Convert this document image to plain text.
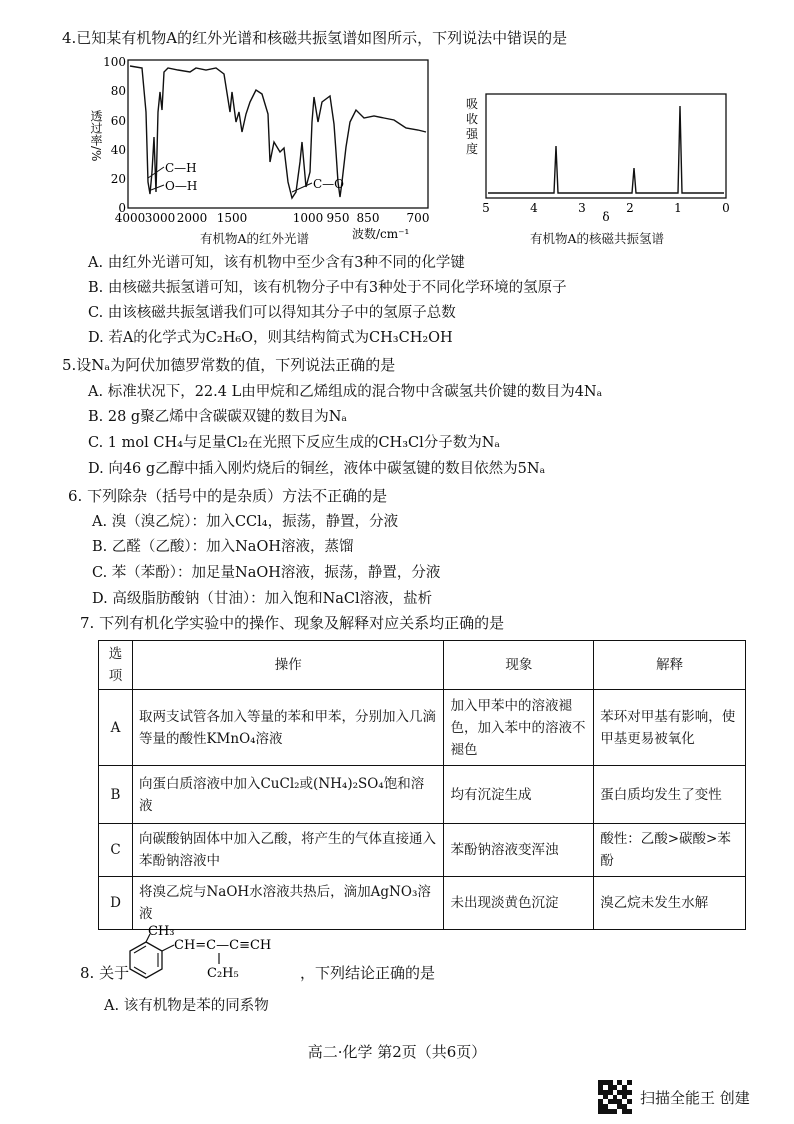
4.已知某有机物A的红外光谱和核磁共振氢谱如图所示，下列说法中错误的是
透过率/%
100
80
60
40
20
0
C—H
O—H	C—O
4000 3000 2000 1500	1000 950 850 700
波数/cm⁻¹
有机物A的红外光谱
吸
收
强
度
5	4	3	2	1	0
δ
有机物A的核磁共振氢谱
A. 由红外光谱可知，该有机物中至少含有3种不同的化学键
B. 由核磁共振氢谱可知，该有机物分子中有3种处于不同化学环境的氢原子
C. 由该核磁共振氢谱我们可以得知其分子中的氢原子总数
D. 若A的化学式为C₂H₆O，则其结构简式为CH₃CH₂OH
5.设Nₐ为阿伏加德罗常数的值，下列说法正确的是
A. 标准状况下，22.4 L由甲烷和乙烯组成的混合物中含碳氢共价键的数目为4Nₐ
B. 28 g聚乙烯中含碳碳双键的数目为Nₐ
C. 1 mol CH₄与足量Cl₂在光照下反应生成的CH₃Cl分子数为Nₐ
D. 向46 g乙醇中插入刚灼烧后的铜丝，液体中碳氢键的数目依然为5Nₐ
6. 下列除杂（括号中的是杂质）方法不正确的是
A. 溴（溴乙烷）：加入CCl₄，振荡，静置，分液
B. 乙醛（乙酸）：加入NaOH溶液，蒸馏
C. 苯（苯酚）：加足量NaOH溶液，振荡，静置，分液
D. 高级脂肪酸钠（甘油）：加入饱和NaCl溶液，盐析
7. 下列有机化学实验中的操作、现象及解释对应关系均正确的是
选项	操作	现象	解释
A	取两支试管各加入等量的苯和甲苯，分别加入几滴等量的酸性KMnO₄溶液	加入甲苯中的溶液褪色，加入苯中的溶液不褪色	苯环对甲基有影响，使甲基更易被氧化
B	向蛋白质溶液中加入CuCl₂或(NH₄)₂SO₄饱和溶液	均有沉淀生成	蛋白质均发生了变性
C	向碳酸钠固体中加入乙酸，将产生的气体直接通入苯酚钠溶液中	苯酚钠溶液变浑浊	酸性：乙酸>碳酸>苯酚
D	将溴乙烷与NaOH水溶液共热后，滴加AgNO₃溶液	未出现淡黄色沉淀	溴乙烷未发生水解
8. 关于
CH₃
CH=C—C≡CH
C₂H₅	，下列结论正确的是
A. 该有机物是苯的同系物
高二·化学 第2页（共6页）
扫描全能王 创建
